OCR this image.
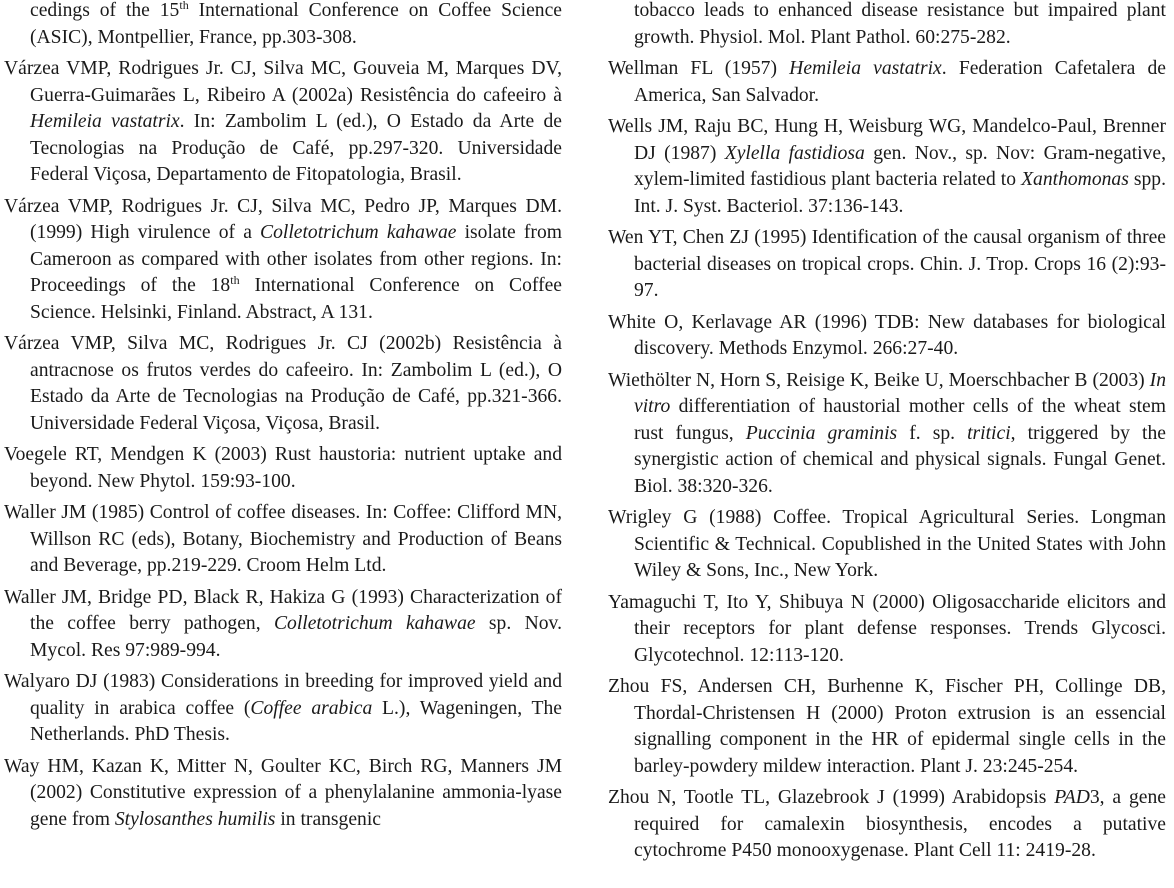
cedings of the 15th International Conference on Coffee Science (ASIC), Montpellier, France, pp.303-308.

Várzea VMP, Rodrigues Jr. CJ, Silva MC, Gouveia M, Marques DV, Guerra-Guimarães L, Ribeiro A (2002a) Resistência do cafeeiro à Hemileia vastatrix. In: Zambolim L (ed.), O Estado da Arte de Tecnologias na Produção de Café, pp.297-320. Universidade Federal Viçosa, Departamento de Fitopatologia, Brasil.

Várzea VMP, Rodrigues Jr. CJ, Silva MC, Pedro JP, Marques DM. (1999) High virulence of a Colletotrichum kahawae isolate from Cameroon as compared with other isolates from other regions. In: Proceedings of the 18th International Conference on Coffee Science. Helsinki, Finland. Abstract, A 131.

Várzea VMP, Silva MC, Rodrigues Jr. CJ (2002b) Resistência à antracnose os frutos verdes do cafeeiro. In: Zambolim L (ed.), O Estado da Arte de Tecnologias na Produção de Café, pp.321-366. Universidade Federal Viçosa, Viçosa, Brasil.

Voegele RT, Mendgen K (2003) Rust haustoria: nutrient uptake and beyond. New Phytol. 159:93-100.

Waller JM (1985) Control of coffee diseases. In: Coffee: Clifford MN, Willson RC (eds), Botany, Biochemistry and Production of Beans and Beverage, pp.219-229. Croom Helm Ltd.

Waller JM, Bridge PD, Black R, Hakiza G (1993) Characterization of the coffee berry pathogen, Colletotrichum kahawae sp. Nov. Mycol. Res 97:989-994.

Walyaro DJ (1983) Considerations in breeding for improved yield and quality in arabica coffee (Coffee arabica L.), Wageningen, The Netherlands. PhD Thesis.

Way HM, Kazan K, Mitter N, Goulter KC, Birch RG, Manners JM (2002) Constitutive expression of a phenylalanine ammonia-lyase gene from Stylosanthes humilis in transgenic

tobacco leads to enhanced disease resistance but impaired plant growth. Physiol. Mol. Plant Pathol. 60:275-282.

Wellman FL (1957) Hemileia vastatrix. Federation Cafetalera de America, San Salvador.

Wells JM, Raju BC, Hung H, Weisburg WG, Mandelco-Paul, Brenner DJ (1987) Xylella fastidiosa gen. Nov., sp. Nov: Gram-negative, xylem-limited fastidious plant bacteria related to Xanthomonas spp. Int. J. Syst. Bacteriol. 37:136-143.

Wen YT, Chen ZJ (1995) Identification of the causal organism of three bacterial diseases on tropical crops. Chin. J. Trop. Crops 16 (2):93-97.

White O, Kerlavage AR (1996) TDB: New databases for biological discovery. Methods Enzymol. 266:27-40.

Wiethölter N, Horn S, Reisige K, Beike U, Moerschbacher B (2003) In vitro differentiation of haustorial mother cells of the wheat stem rust fungus, Puccinia graminis f. sp. tritici, triggered by the synergistic action of chemical and physical signals. Fungal Genet. Biol. 38:320-326.

Wrigley G (1988) Coffee. Tropical Agricultural Series. Longman Scientific & Technical. Copublished in the United States with John Wiley & Sons, Inc., New York.

Yamaguchi T, Ito Y, Shibuya N (2000) Oligosaccharide elicitors and their receptors for plant defense responses. Trends Glycosci. Glycotechnol. 12:113-120.

Zhou FS, Andersen CH, Burhenne K, Fischer PH, Collinge DB, Thordal-Christensen H (2000) Proton extrusion is an essencial signalling component in the HR of epidermal single cells in the barley-powdery mildew interaction. Plant J. 23:245-254.

Zhou N, Tootle TL, Glazebrook J (1999) Arabidopsis PAD3, a gene required for camalexin biosynthesis, encodes a putative cytochrome P450 monooxygenase. Plant Cell 11: 2419-28.
